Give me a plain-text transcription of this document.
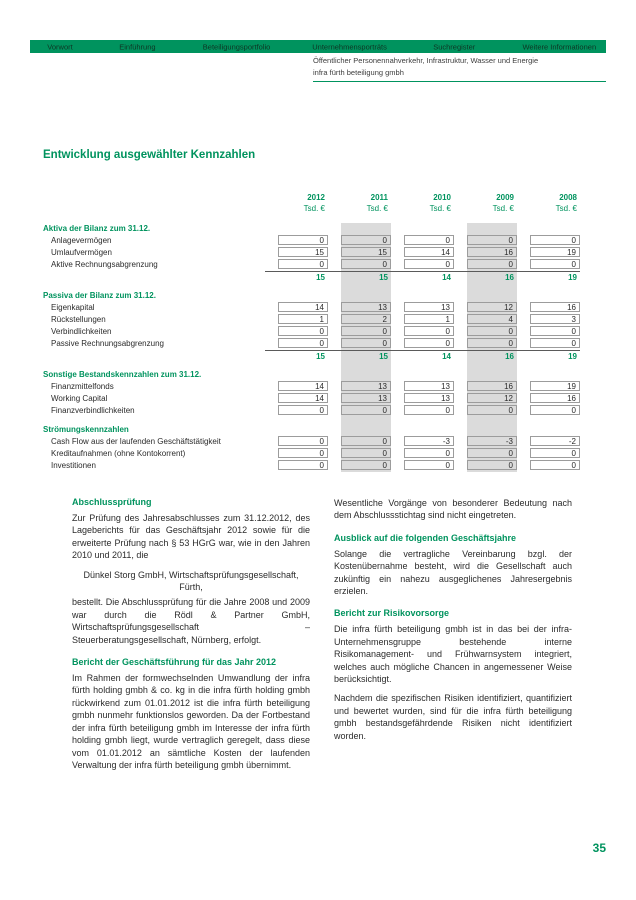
Vorwort	Einführung	Beteiligungsportfolio	Unternehmensporträts	Suchregister	Weitere Informationen
Öffentlicher Personennahverkehr, Infrastruktur, Wasser und Energie
infra fürth beteiligung gmbh
Entwicklung ausgewählter Kennzahlen
2012	2011	2010	2009	2008
Tsd. €	Tsd. €	Tsd. €	Tsd. €	Tsd. €
Aktiva der Bilanz zum 31.12.
Anlagevermögen	0	0	0	0	0
Umlaufvermögen	15	15	14	16	19
Aktive Rechnungsabgrenzung	0	0	0	0	0
15	15	14	16	19
Passiva der Bilanz zum 31.12.
Eigenkapital	14	13	13	12	16
Rückstellungen	1	2	1	4	3
Verbindlichkeiten	0	0	0	0	0
Passive Rechnungsabgrenzung	0	0	0	0	0
15	15	14	16	19
Sonstige Bestandskennzahlen zum 31.12.
Finanzmittelfonds	14	13	13	16	19
Working Capital	14	13	13	12	16
Finanzverbindlichkeiten	0	0	0	0	0
Strömungskennzahlen
Cash Flow aus der laufenden Geschäftstätigkeit	0	0	-3	-3	-2
Kreditaufnahmen (ohne Kontokorrent)	0	0	0	0	0
Investitionen	0	0	0	0	0
Abschlussprüfung

Zur Prüfung des Jahresabschlusses zum 31.12.2012, des Lageberichts für das Geschäftsjahr 2012 sowie für die erweiterte Prüfung nach § 53 HGrG war, wie in den Jahren 2010 und 2011, die

Dünkel Storg GmbH, Wirtschaftsprüfungsgesellschaft,
Fürth,

bestellt. Die Abschlussprüfung für die Jahre 2008 und 2009 war durch die Rödl & Partner GmbH, Wirtschaftsprüfungsgesellschaft – Steuerberatungsgesellschaft, Nürnberg, erfolgt.

Bericht der Geschäftsführung für das Jahr 2012

Im Rahmen der formwechselnden Umwandlung der infra fürth holding gmbh & co. kg in die infra fürth holding gmbh rückwirkend zum 01.01.2012 ist die infra fürth beteiligung gmbh nunmehr funktionslos geworden. Da der Fortbestand der infra fürth beteiligung gmbh im Interesse der infra fürth holding gmbh liegt, wurde vertraglich geregelt, dass diese vom 01.01.2012 an sämtliche Kosten der laufenden Verwaltung der infra fürth beteiligung gmbh übernimmt.

Wesentliche Vorgänge von besonderer Bedeutung nach dem Abschlussstichtag sind nicht eingetreten.

Ausblick auf die folgenden Geschäftsjahre

Solange die vertragliche Vereinbarung bzgl. der Kostenübernahme besteht, wird die Gesellschaft auch zukünftig ein nahezu ausgeglichenes Jahresergebnis erzielen.

Bericht zur Risikovorsorge

Die infra fürth beteiligung gmbh ist in das bei der infra-Unternehmensgruppe bestehende interne Risikomanagement- und Frühwarnsystem integriert, welches auch mögliche Chancen in angemessener Weise berücksichtigt.

Nachdem die spezifischen Risiken identifiziert, quantifiziert und bewertet wurden, sind für die infra fürth beteiligung gmbh bestandsgefährdende Risiken nicht identifiziert worden.

35
